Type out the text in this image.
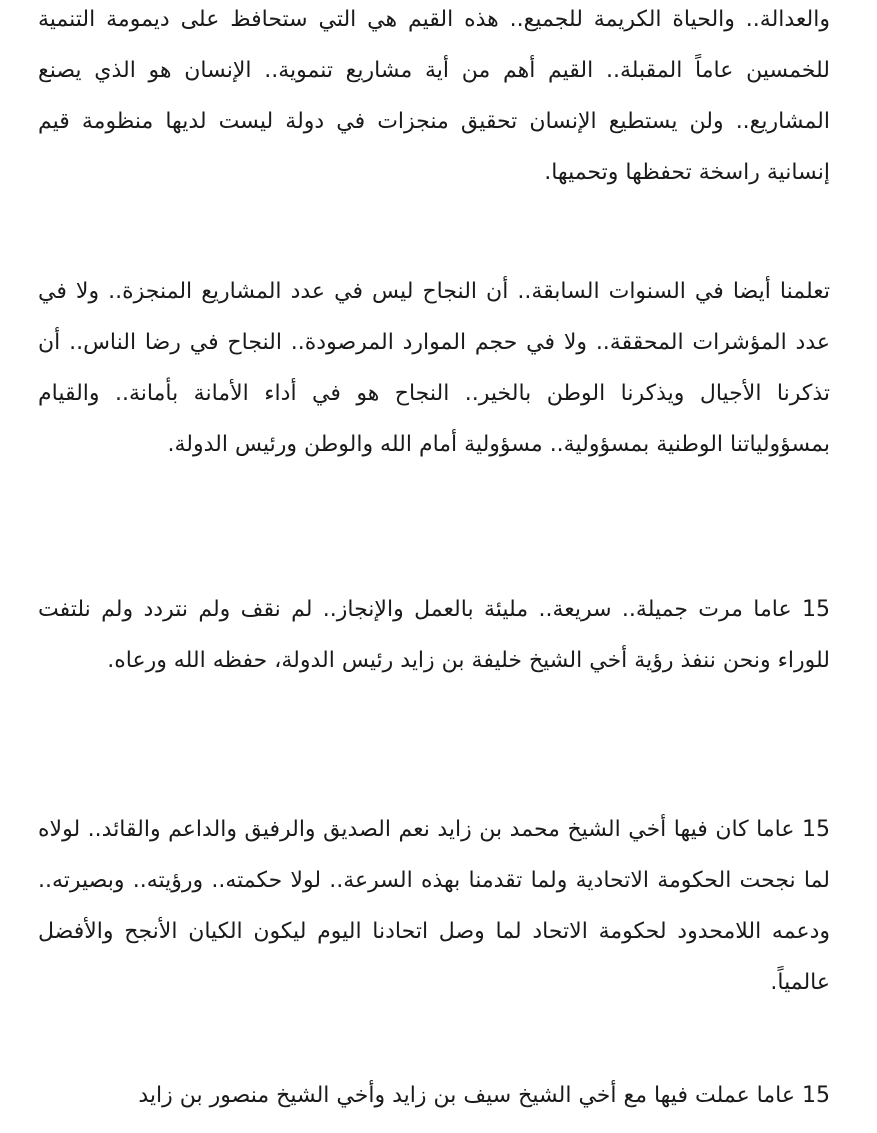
والعدالة.. والحياة الكريمة للجميع.. هذه القيم هي التي ستحافظ على ديمومة التنمية للخمسين عاماً المقبلة.. القيم أهم من أية مشاريع تنموية.. الإنسان هو الذي يصنع المشاريع.. ولن يستطيع الإنسان تحقيق منجزات في دولة ليست لديها منظومة قيم إنسانية راسخة تحفظها وتحميها.

تعلمنا أيضا في السنوات السابقة.. أن النجاح ليس في عدد المشاريع المنجزة.. ولا في عدد المؤشرات المحققة.. ولا في حجم الموارد المرصودة.. النجاح في رضا الناس.. أن تذكرنا الأجيال ويذكرنا الوطن بالخير.. النجاح هو في أداء الأمانة بأمانة.. والقيام بمسؤولياتنا الوطنية بمسؤولية.. مسؤولية أمام الله والوطن ورئيس الدولة.

15 عاما مرت جميلة.. سريعة.. مليئة بالعمل والإنجاز.. لم نقف ولم نتردد ولم نلتفت للوراء ونحن ننفذ رؤية أخي الشيخ خليفة بن زايد رئيس الدولة، حفظه الله ورعاه.

15 عاما كان فيها أخي الشيخ محمد بن زايد نعم الصديق والرفيق والداعم والقائد.. لولاه لما نجحت الحكومة الاتحادية ولما تقدمنا بهذه السرعة.. لولا حكمته.. ورؤيته.. وبصيرته.. ودعمه اللامحدود لحكومة الاتحاد لما وصل اتحادنا اليوم ليكون الكيان الأنجح والأفضل عالمياً.

15 عاما عملت فيها مع أخي الشيخ سيف بن زايد وأخي الشيخ منصور بن زايد
